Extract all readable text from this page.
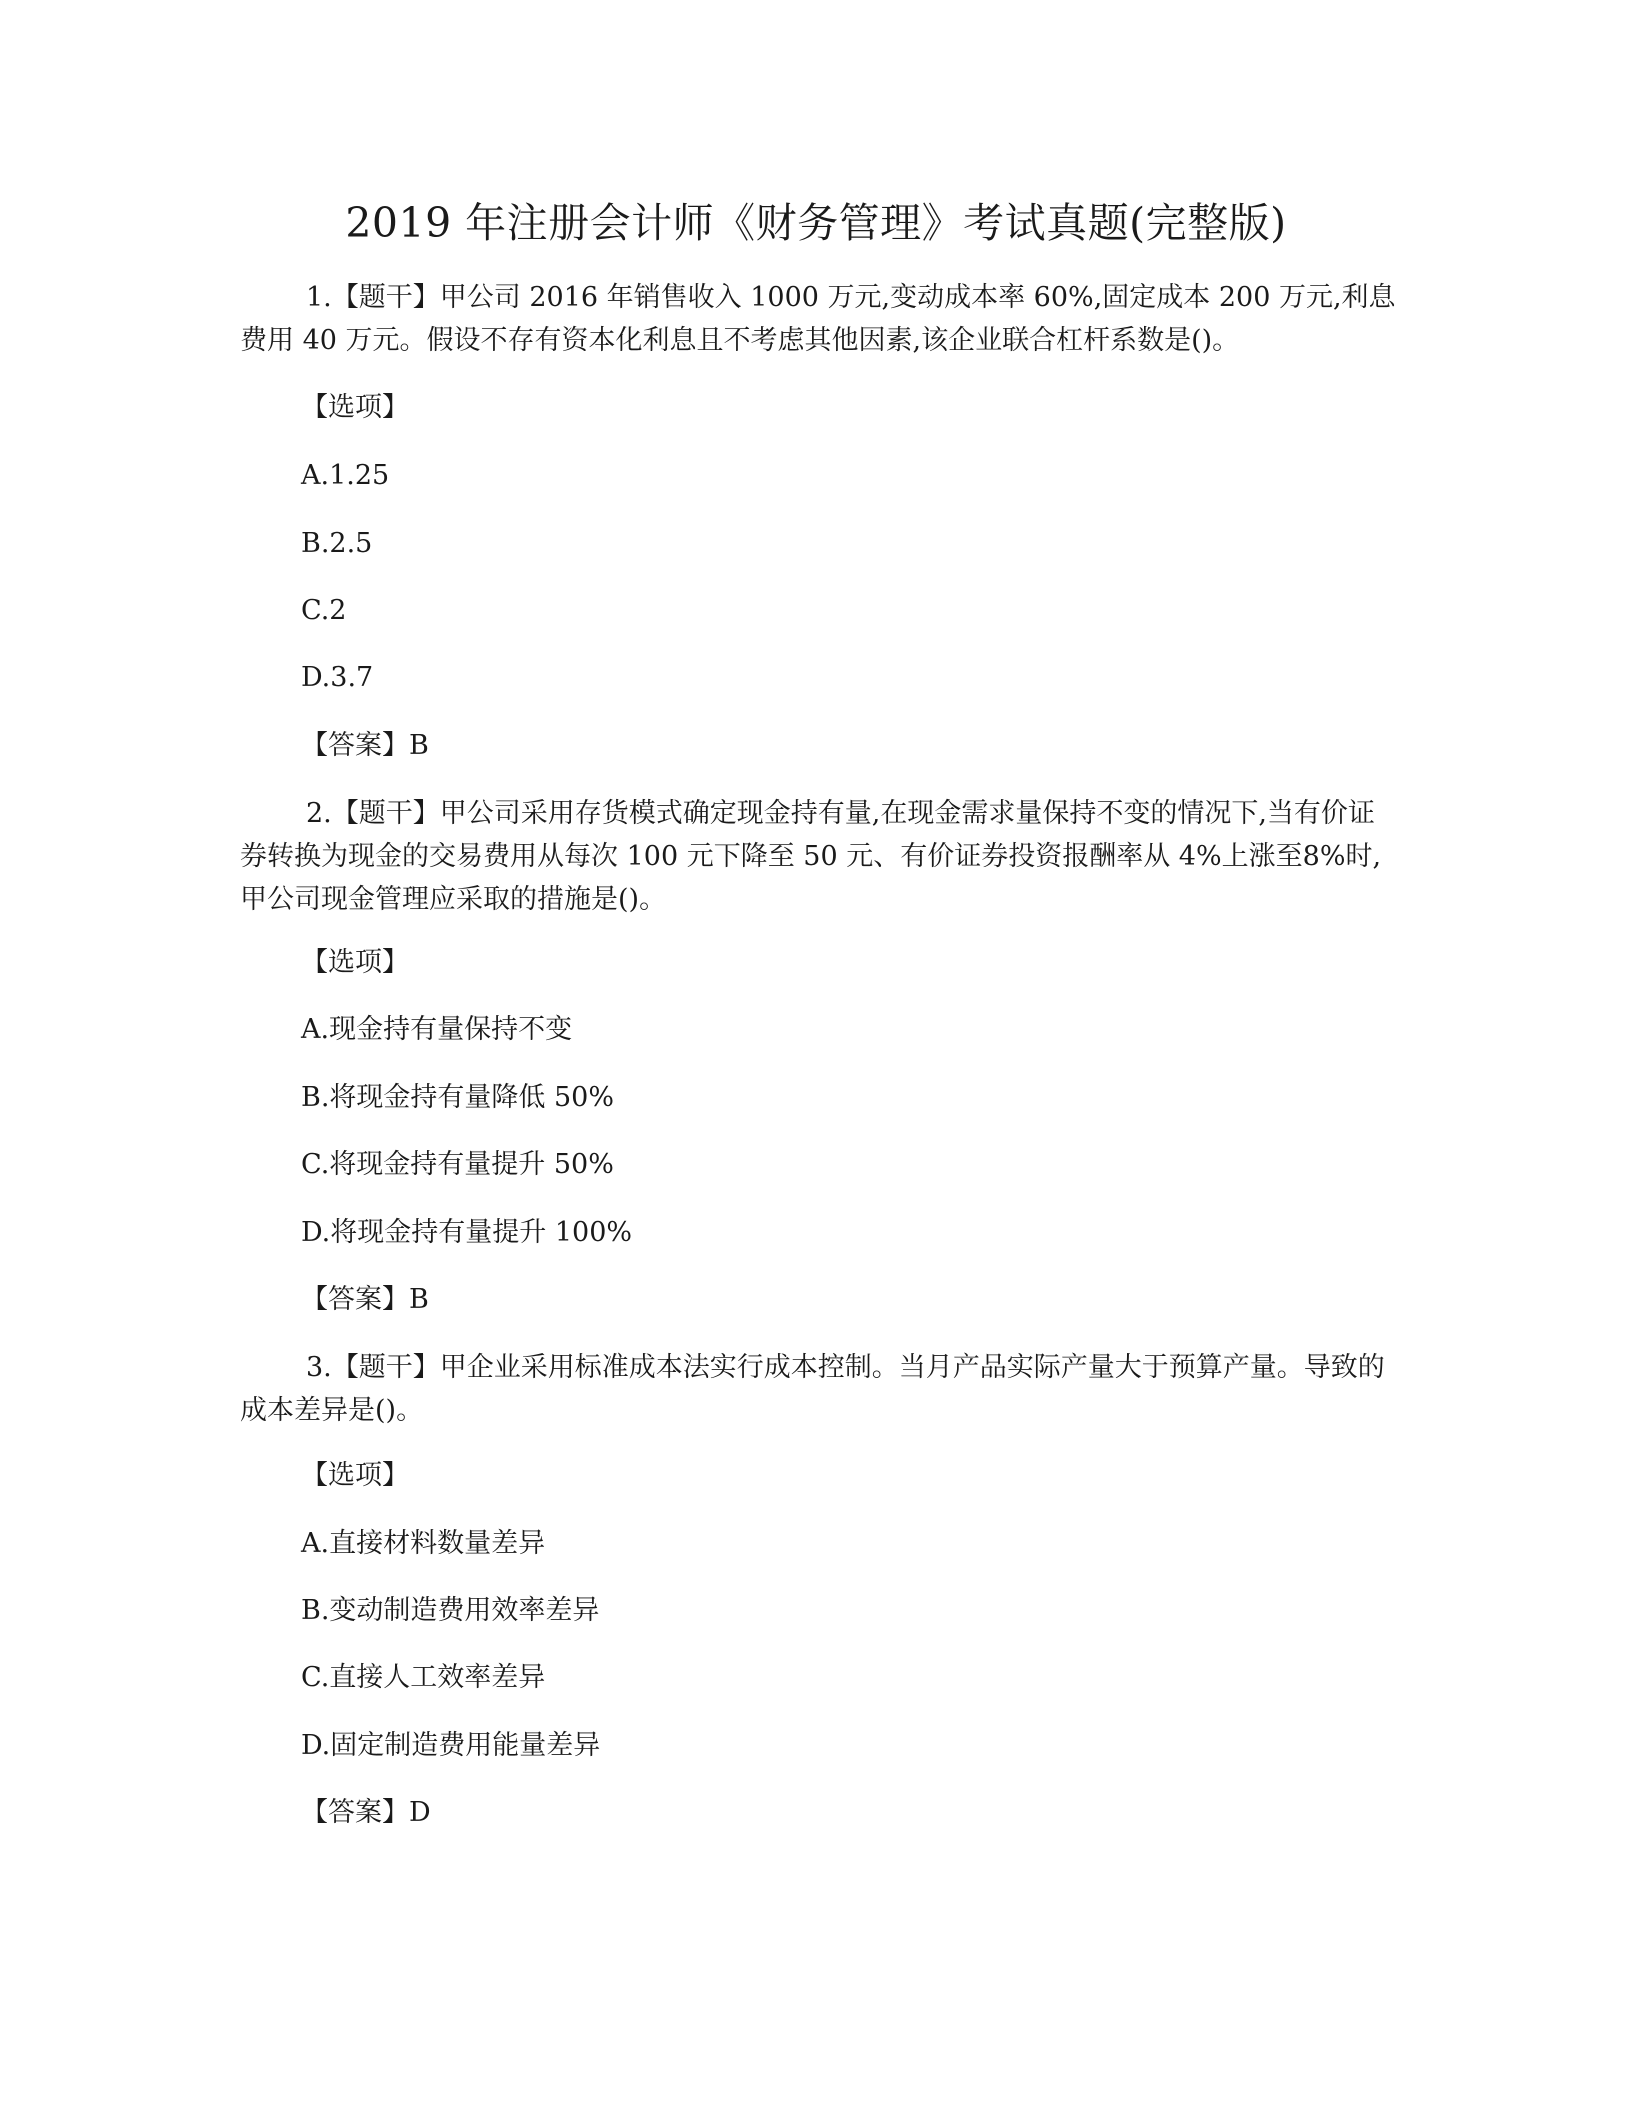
2019 年注册会计师《财务管理》考试真题(完整版)
1.【题干】甲公司 2016 年销售收入 1000 万元,变动成本率 60%,固定成本 200 万元,利息费用 40 万元。假设不存有资本化利息且不考虑其他因素,该企业联合杠杆系数是()。
【选项】
A.1.25
B.2.5
C.2
D.3.7
【答案】B
2.【题干】甲公司采用存货模式确定现金持有量,在现金需求量保持不变的情况下,当有价证券转换为现金的交易费用从每次 100 元下降至 50 元、有价证券投资报酬率从 4%上涨至8%时,甲公司现金管理应采取的措施是()。
【选项】
A.现金持有量保持不变
B.将现金持有量降低 50%
C.将现金持有量提升 50%
D.将现金持有量提升 100%
【答案】B
3.【题干】甲企业采用标准成本法实行成本控制。当月产品实际产量大于预算产量。导致的成本差异是()。
【选项】
A.直接材料数量差异
B.变动制造费用效率差异
C.直接人工效率差异
D.固定制造费用能量差异
【答案】D
